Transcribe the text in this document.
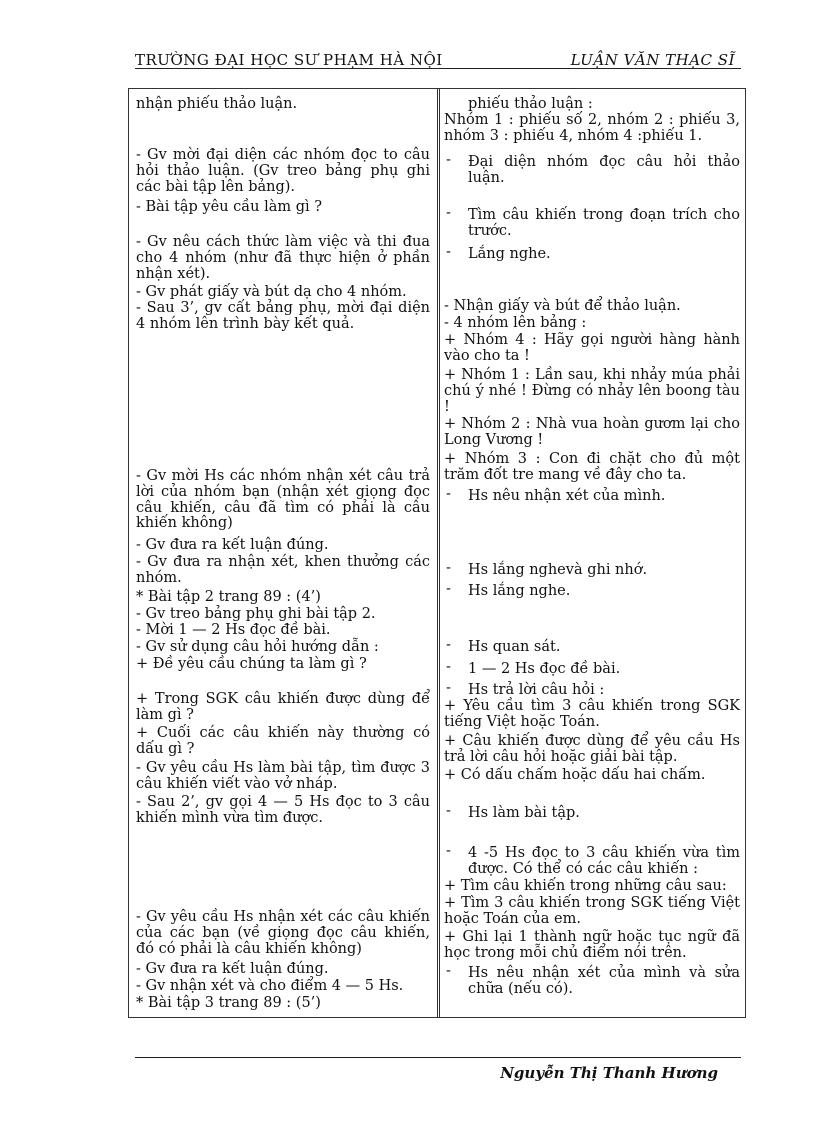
TRƯỜNG ĐẠI HỌC SƯ PHẠM HÀ NỘI	LUẬN VĂN THẠC SĨ

nhận phiếu thảo luận.

- Gv mời đại diện các nhóm đọc to câu hỏi thảo luận. (Gv treo bảng phụ ghi các bài tập lên bảng).

- Bài tập yêu cầu làm gì ?

- Gv nêu cách thức làm việc và thi đua cho 4 nhóm (như đã thực hiện ở phần nhận xét).

- Gv phát giấy và bút dạ cho 4 nhóm.

- Sau 3’, gv cất bảng phụ, mời đại diện 4 nhóm lên trình bày kết quả.

- Gv mời Hs các nhóm nhận xét câu trả lời của nhóm bạn (nhận xét giọng đọc câu khiến, câu đã tìm có phải là câu khiến không)

- Gv đưa ra kết luận đúng.

- Gv đưa ra nhận xét, khen thưởng các nhóm.

* Bài tập 2 trang 89 : (4’)

- Gv treo bảng phụ ghi bài tập 2.

- Mời 1 — 2 Hs đọc đề bài.

- Gv sử dụng câu hỏi hướng dẫn :

+ Đề yêu cầu chúng ta làm gì ?

+ Trong SGK câu khiến được dùng để làm gì ?

+ Cuối các câu khiến này thường có dấu gì ?

- Gv yêu cầu Hs làm bài tập, tìm được 3 câu khiến viết vào vở nháp.

- Sau 2’, gv gọi 4 — 5 Hs đọc to 3 câu khiến mình vừa tìm được.

- Gv yêu cầu Hs nhận xét các câu khiến của các bạn (về giọng đọc câu khiến, đó có phải là câu khiến không)

- Gv đưa ra kết luận đúng.

- Gv nhận xét và cho điểm 4 — 5 Hs.

* Bài tập 3 trang 89 : (5’)

phiếu thảo luận :

Nhóm 1 : phiếu số 2, nhóm 2 : phiếu 3, nhóm 3 : phiếu 4, nhóm 4 :phiếu 1.

- Đại diện nhóm đọc câu hỏi thảo luận.

- Tìm câu khiến trong đoạn trích cho trước.

- Lắng nghe.

- Nhận giấy và bút để thảo luận.

- 4 nhóm lên bảng :

+ Nhóm 4 : Hãy gọi người hàng hành vào cho ta !

+ Nhóm 1 : Lần sau, khi nhảy múa phải chú ý nhé ! Đừng có nhảy lên boong tàu !

+ Nhóm 2 : Nhà vua hoàn gươm lại cho Long Vương !

+ Nhóm 3 : Con đi chặt cho đủ một trăm đốt tre mang về đây cho ta.

- Hs nêu nhận xét của mình.

- Hs lắng nghevà ghi nhớ.

- Hs lắng nghe.

- Hs quan sát.

- 1 — 2 Hs đọc đề bài.

- Hs trả lời câu hỏi :

+ Yêu cầu tìm 3 câu khiến trong SGK tiếng Việt hoặc Toán.

+ Câu khiến được dùng để yêu cầu Hs trả lời câu hỏi hoặc giải bài tập.

+ Có dấu chấm hoặc dấu hai chấm.

- Hs làm bài tập.

- 4 -5 Hs đọc to 3 câu khiến vừa tìm được. Có thể có các câu khiến :

+ Tìm câu khiến trong những câu sau:

+ Tìm 3 câu khiến trong SGK tiếng Việt hoặc Toán của em.

+ Ghi lại 1 thành ngữ hoặc tục ngữ đã học trong mỗi chủ điểm nói trên.

- Hs nêu nhận xét của mình và sửa chữa (nếu có).

Nguyễn Thị Thanh Hương
